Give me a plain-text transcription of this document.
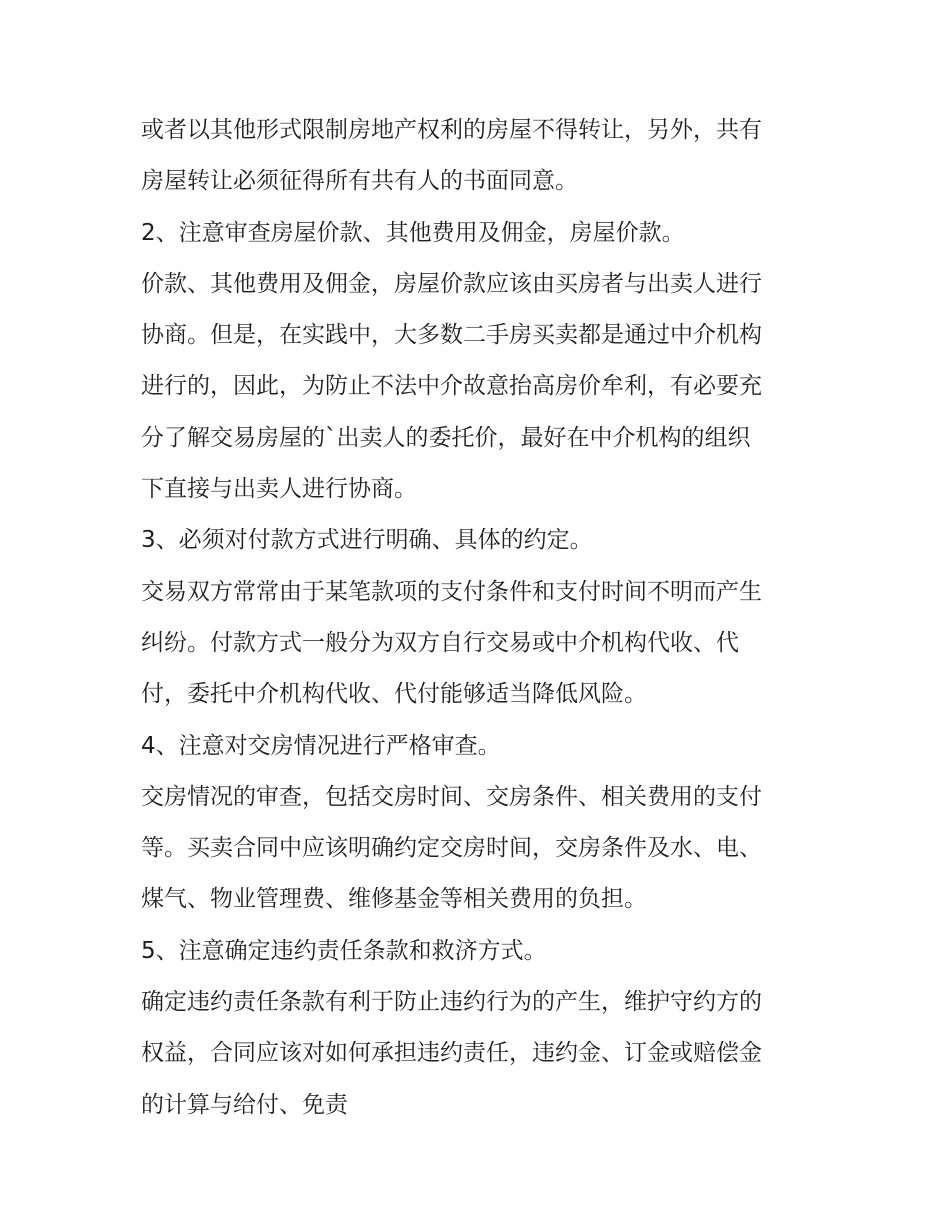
或者以其他形式限制房地产权利的房屋不得转让，另外，共有
房屋转让必须征得所有共有人的书面同意。
2、注意审查房屋价款、其他费用及佣金，房屋价款。
价款、其他费用及佣金，房屋价款应该由买房者与出卖人进行
协商。但是，在实践中，大多数二手房买卖都是通过中介机构
进行的，因此，为防止不法中介故意抬高房价牟利，有必要充
分了解交易房屋的`出卖人的委托价，最好在中介机构的组织
下直接与出卖人进行协商。
3、必须对付款方式进行明确、具体的约定。
交易双方常常由于某笔款项的支付条件和支付时间不明而产生
纠纷。付款方式一般分为双方自行交易或中介机构代收、代
付，委托中介机构代收、代付能够适当降低风险。
4、注意对交房情况进行严格审查。
交房情况的审查，包括交房时间、交房条件、相关费用的支付
等。买卖合同中应该明确约定交房时间，交房条件及水、电、
煤气、物业管理费、维修基金等相关费用的负担。
5、注意确定违约责任条款和救济方式。
确定违约责任条款有利于防止违约行为的产生，维护守约方的
权益，合同应该对如何承担违约责任，违约金、订金或赔偿金
的计算与给付、免责
